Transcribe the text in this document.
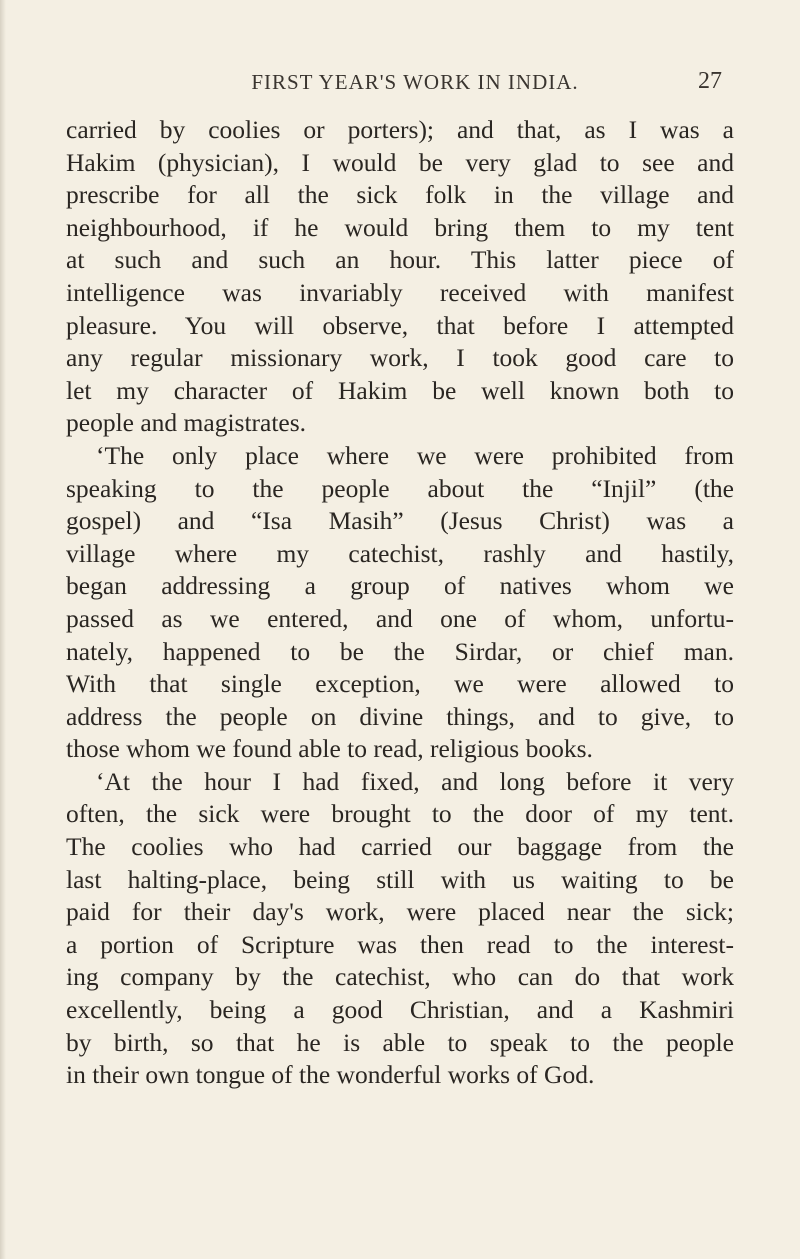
FIRST YEAR'S WORK IN INDIA.	27
carried by coolies or porters); and that, as I was a
Hakim (physician), I would be very glad to see and
prescribe for all the sick folk in the village and
neighbourhood, if he would bring them to my tent
at such and such an hour. This latter piece of
intelligence was invariably received with manifest
pleasure. You will observe, that before I attempted
any regular missionary work, I took good care to
let my character of Hakim be well known both to
people and magistrates.
‘The only place where we were prohibited from
speaking to the people about the “Injil” (the
gospel) and “Isa Masih” (Jesus Christ) was a
village where my catechist, rashly and hastily,
began addressing a group of natives whom we
passed as we entered, and one of whom, unfortu-
nately, happened to be the Sirdar, or chief man.
With that single exception, we were allowed to
address the people on divine things, and to give, to
those whom we found able to read, religious books.
‘At the hour I had fixed, and long before it very
often, the sick were brought to the door of my tent.
The coolies who had carried our baggage from the
last halting-place, being still with us waiting to be
paid for their day's work, were placed near the sick;
a portion of Scripture was then read to the interest-
ing company by the catechist, who can do that work
excellently, being a good Christian, and a Kashmiri
by birth, so that he is able to speak to the people
in their own tongue of the wonderful works of God.
